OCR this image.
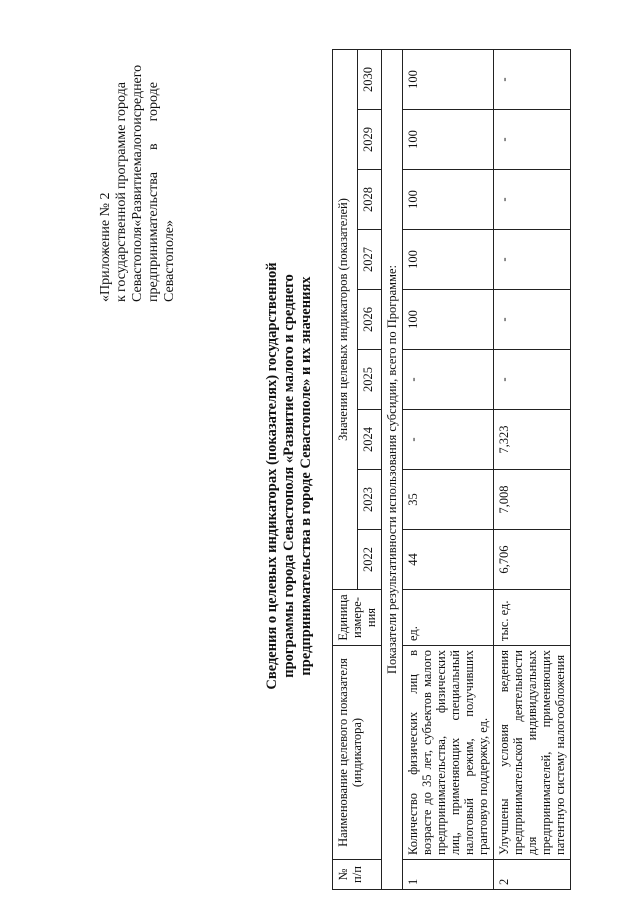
«Приложение № 2 к
государственной
программе
города
Севастополя
«Развитие
малого
и
среднего
предпринимательства
в
городе
Севастополе»
Сведения о целевых индикаторах (показателях) государственной программы города Севастополя «Развитие малого и среднего предпринимательства в городе Севастополе» и их значениях
№ п/п	Наименование целевого показателя (индикатора)	Единица измере-ния	Значения целевых индикаторов (показателей)								
			2022	2023	2024	2025	2026	2027	2028	2029	2030
Показатели результативности использования субсидии, всего по Программе:											
1	Количество физических лиц в возрасте до 35 лет, субъектов малого предпринимательства, физических лиц, применяющих специальный налоговый режим, получивших грантовую поддержку, ед.	ед.	44	35	-	-	100	100	100	100	100
2	Улучшены условия ведения предпринимательской деятельности для индивидуальных предпринимателей, применяющих патентную систему налогообложения	тыс. ед.	6,706	7,008	7,323	-	-	-	-	-	-
